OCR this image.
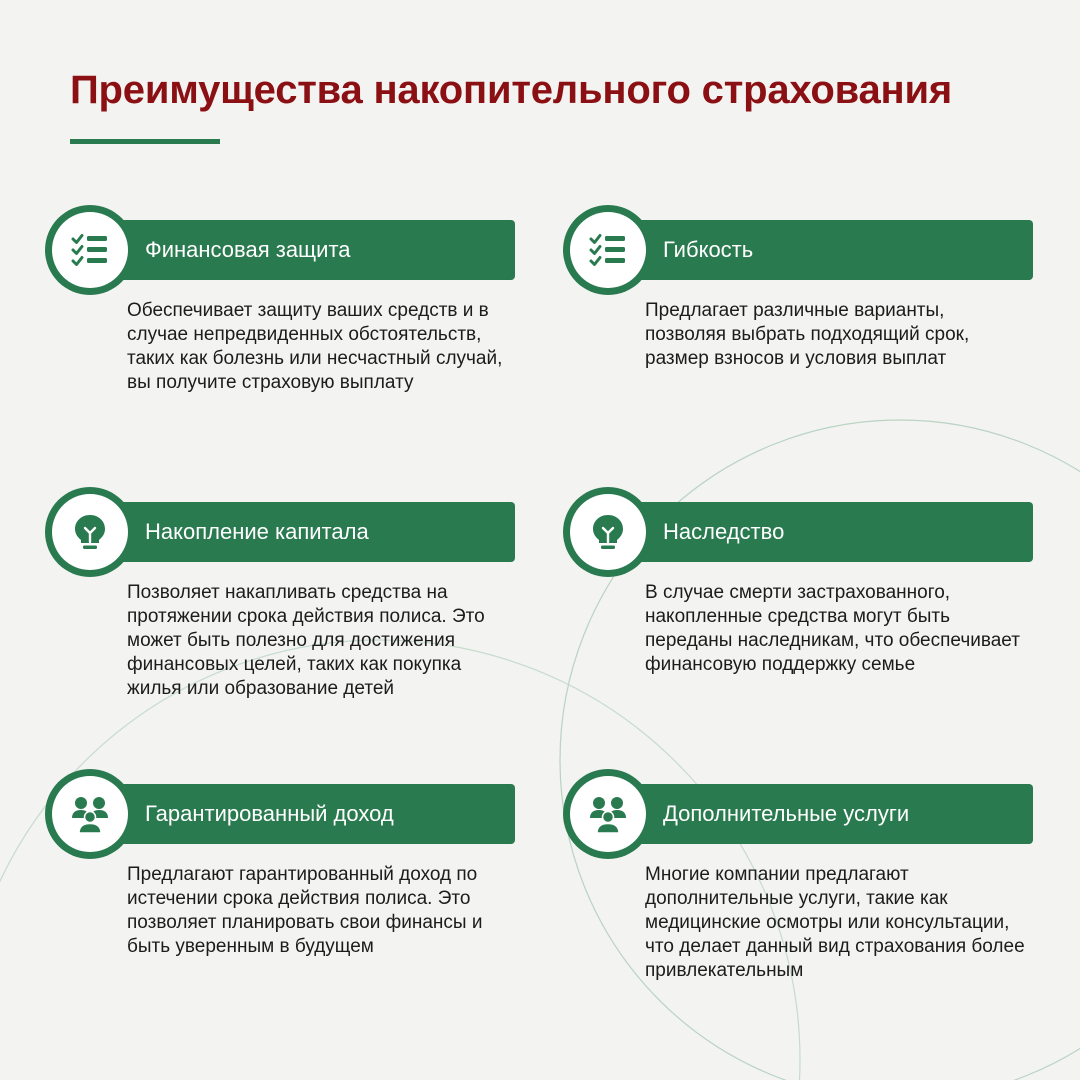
Преимущества накопительного страхования
Финансовая защита

Обеспечивает защиту ваших средств и в случае непредвиденных обстоятельств, таких как болезнь или несчастный случай, вы получите страховую выплату

Гибкость

Предлагает различные варианты, позволяя выбрать подходящий срок, размер взносов и условия выплат

Накопление капитала

Позволяет накапливать средства на протяжении срока действия полиса. Это может быть полезно для достижения финансовых целей, таких как покупка жилья или образование детей

Наследство

В случае смерти застрахованного, накопленные средства могут быть переданы наследникам, что обеспечивает финансовую поддержку семье

Гарантированный доход

Предлагают гарантированный доход по истечении срока действия полиса. Это позволяет планировать свои финансы и быть уверенным в будущем

Дополнительные услуги

Многие компании предлагают дополнительные услуги, такие как медицинские осмотры или консультации, что делает данный вид страхования более привлекательным
